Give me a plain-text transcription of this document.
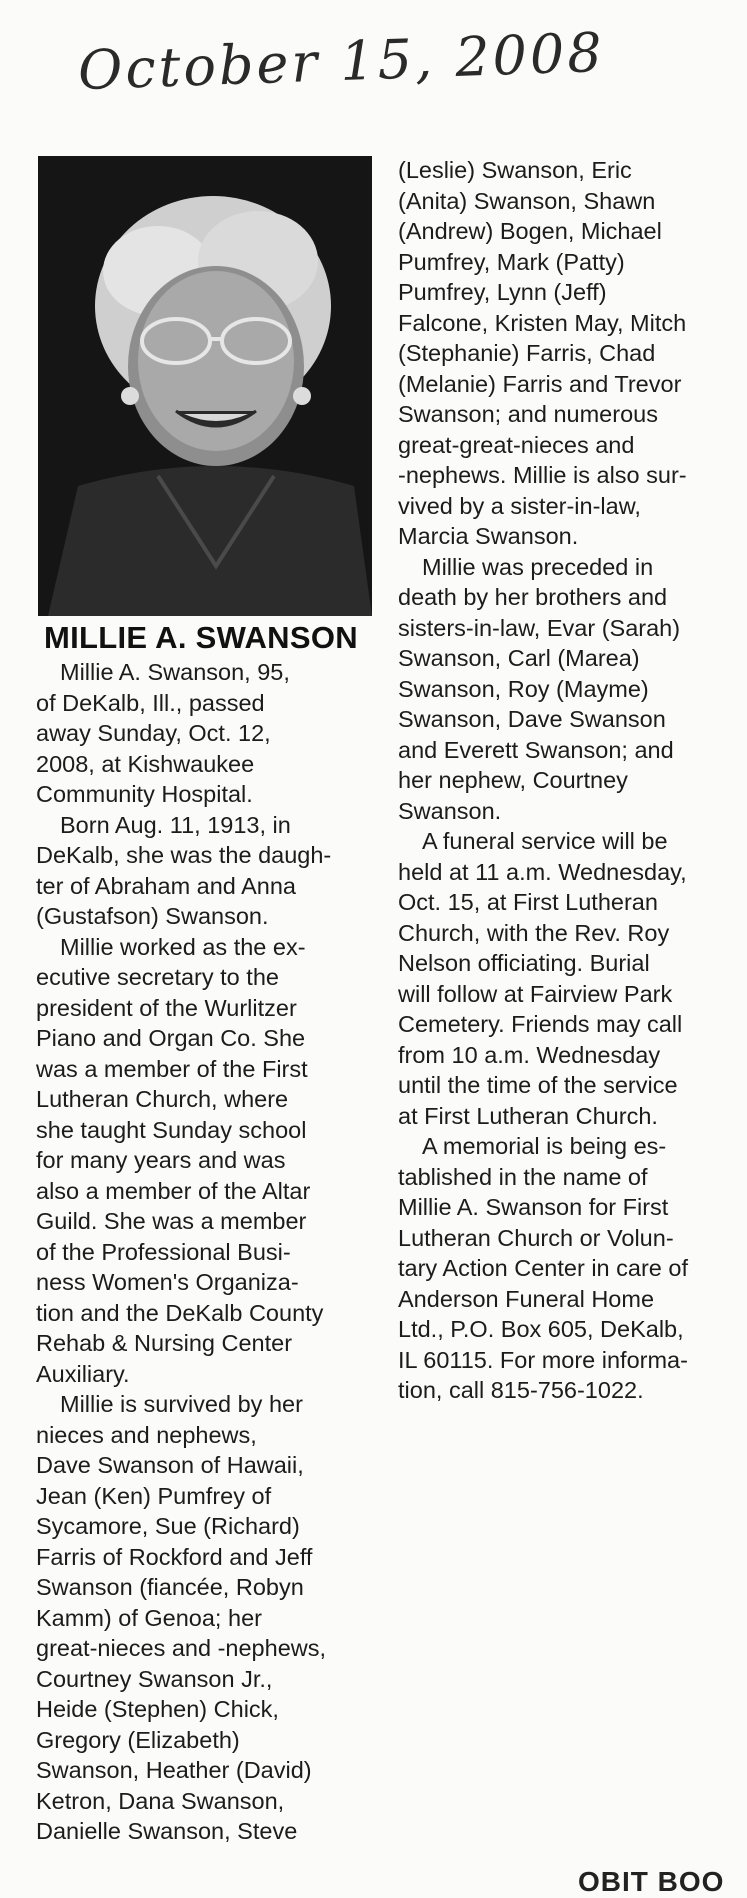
October 15, 2008
MILLIE A. SWANSON

Millie A. Swanson, 95,

of DeKalb, Ill., passed

away Sunday, Oct. 12,

2008, at Kishwaukee

Community Hospital.

Born Aug. 11, 1913, in

DeKalb, she was the daugh-

ter of Abraham and Anna

(Gustafson) Swanson.

Millie worked as the ex-

ecutive secretary to the

president of the Wurlitzer

Piano and Organ Co. She

was a member of the First

Lutheran Church, where

she taught Sunday school

for many years and was

also a member of the Altar

Guild. She was a member

of the Professional Busi-

ness Women's Organiza-

tion and the DeKalb County

Rehab & Nursing Center

Auxiliary.

Millie is survived by her

nieces and nephews,

Dave Swanson of Hawaii,

Jean (Ken) Pumfrey of

Sycamore, Sue (Richard)

Farris of Rockford and Jeff

Swanson (fiancée, Robyn

Kamm) of Genoa; her

great-nieces and -nephews,

Courtney Swanson Jr.,

Heide (Stephen) Chick,

Gregory (Elizabeth)

Swanson, Heather (David)

Ketron, Dana Swanson,

Danielle Swanson, Steve

(Leslie) Swanson, Eric

(Anita) Swanson, Shawn

(Andrew) Bogen, Michael

Pumfrey, Mark (Patty)

Pumfrey, Lynn (Jeff)

Falcone, Kristen May, Mitch

(Stephanie) Farris, Chad

(Melanie) Farris and Trevor

Swanson; and numerous

great-great-nieces and

-nephews. Millie is also sur-

vived by a sister-in-law,

Marcia Swanson.

Millie was preceded in

death by her brothers and

sisters-in-law, Evar (Sarah)

Swanson, Carl (Marea)

Swanson, Roy (Mayme)

Swanson, Dave Swanson

and Everett Swanson; and

her nephew, Courtney

Swanson.

A funeral service will be

held at 11 a.m. Wednesday,

Oct. 15, at First Lutheran

Church, with the Rev. Roy

Nelson officiating. Burial

will follow at Fairview Park

Cemetery. Friends may call

from 10 a.m. Wednesday

until the time of the service

at First Lutheran Church.

A memorial is being es-

tablished in the name of

Millie A. Swanson for First

Lutheran Church or Volun-

tary Action Center in care of

Anderson Funeral Home

Ltd., P.O. Box 605, DeKalb,

IL 60115. For more informa-

tion, call 815-756-1022.

OBIT BOO
